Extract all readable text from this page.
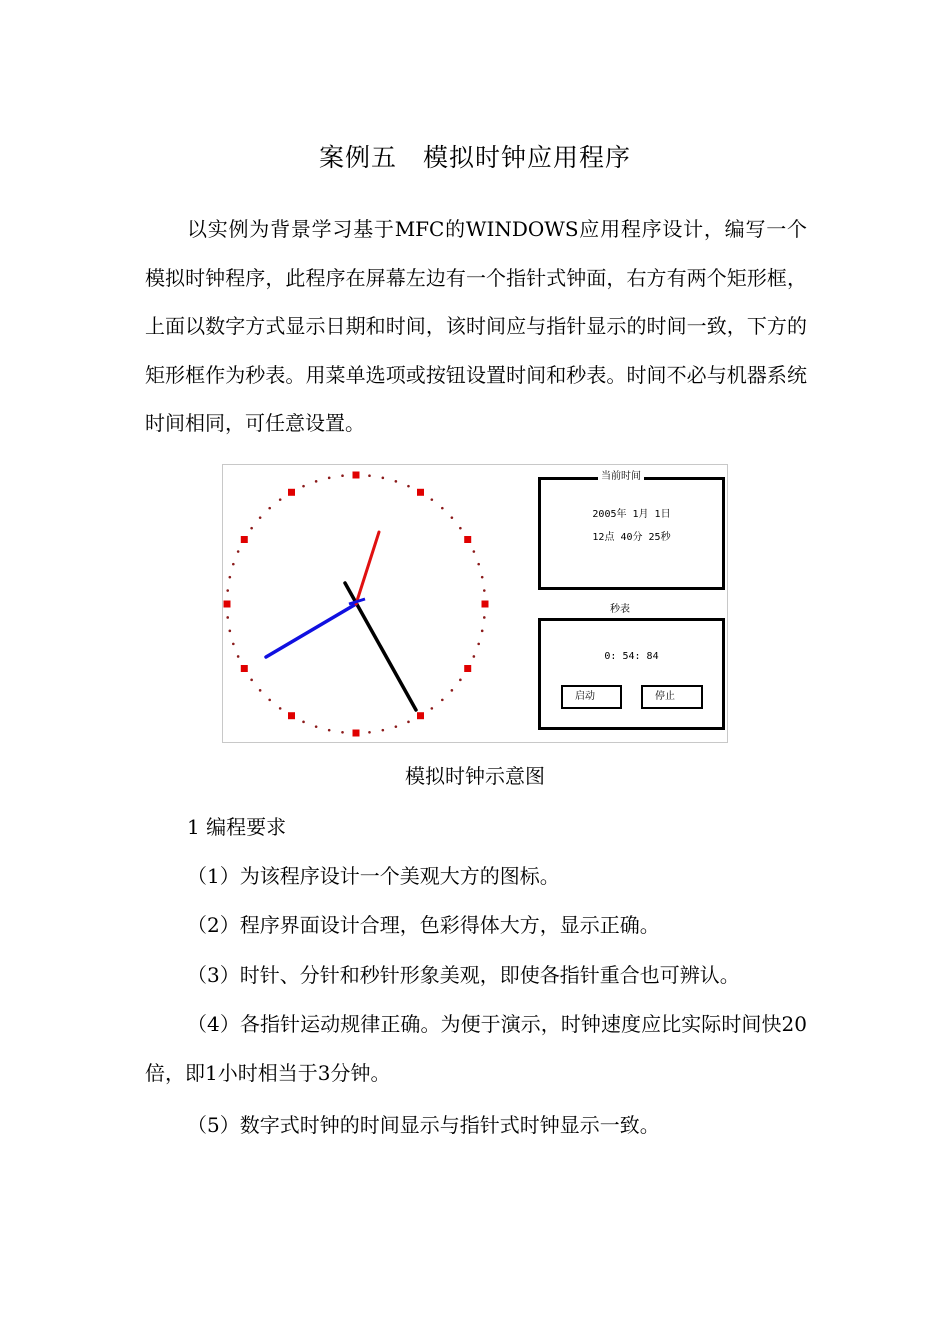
案例五 模拟时钟应用程序
以实例为背景学习基于MFC的WINDOWS应用程序设计，编写一个模拟时钟程序，此程序在屏幕左边有一个指针式钟面，右方有两个矩形框，上面以数字方式显示日期和时间，该时间应与指针显示的时间一致，下方的矩形框作为秒表。用菜单选项或按钮设置时间和秒表。时间不必与机器系统时间相同，可任意设置。
2005年 1月 1日
12点 40分 25秒
当前时间
0: 54: 84
秒表
启动	停止
模拟时钟示意图
1 编程要求
（1）为该程序设计一个美观大方的图标。
（2）程序界面设计合理，色彩得体大方，显示正确。
（3）时针、分针和秒针形象美观，即使各指针重合也可辨认。
（4）各指针运动规律正确。为便于演示，时钟速度应比实际时间快20倍，即1小时相当于3分钟。
（5）数字式时钟的时间显示与指针式时钟显示一致。
